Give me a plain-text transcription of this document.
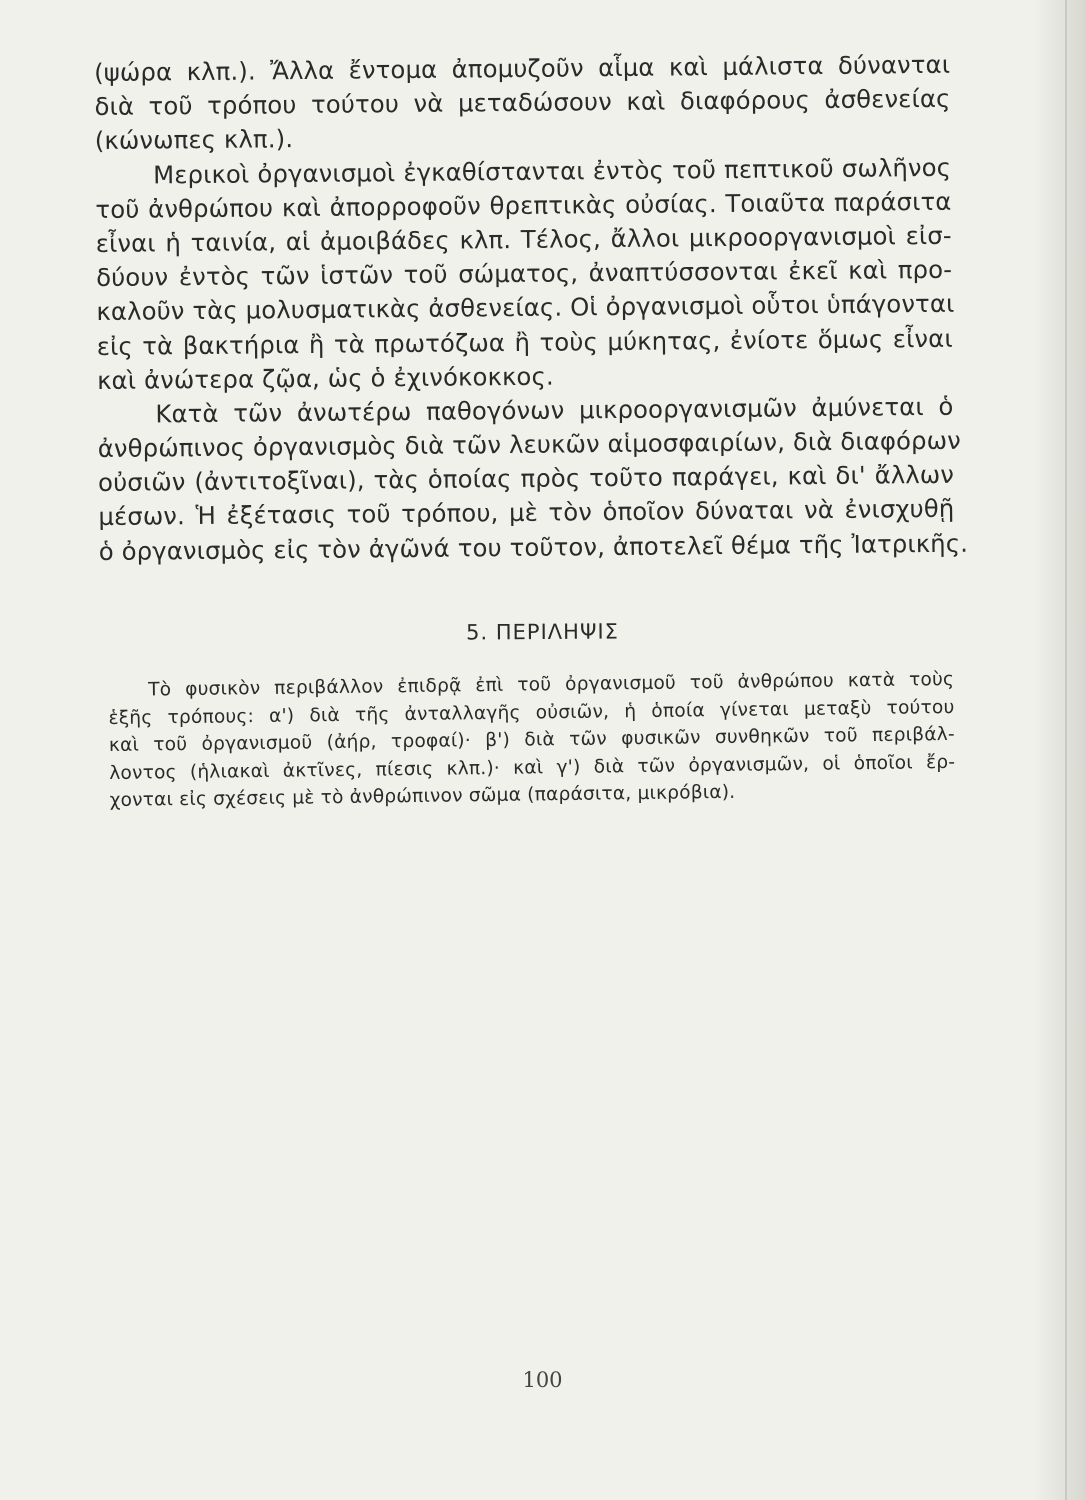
(ψώρα κλπ.). Ἄλλα ἔντομα ἀπομυζοῦν αἷμα καὶ μάλιστα δύνανται
διὰ τοῦ τρόπου τούτου νὰ μεταδώσουν καὶ διαφόρους ἀσθενείας
(κώνωπες κλπ.).
Μερικοὶ ὀργανισμοὶ ἐγκαθίστανται ἐντὸς τοῦ πεπτικοῦ σωλῆνος
τοῦ ἀνθρώπου καὶ ἀπορροφοῦν θρεπτικὰς οὐσίας. Τοιαῦτα παράσιτα
εἶναι ἡ ταινία, αἱ ἀμοιβάδες κλπ. Τέλος, ἄλλοι μικροοργανισμοὶ εἰσ-
δύουν ἐντὸς τῶν ἱστῶν τοῦ σώματος, ἀναπτύσσονται ἐκεῖ καὶ προ-
καλοῦν τὰς μολυσματικὰς ἀσθενείας. Οἱ ὀργανισμοὶ οὗτοι ὑπάγονται
εἰς τὰ βακτήρια ἢ τὰ πρωτόζωα ἢ τοὺς μύκητας, ἐνίοτε ὅμως εἶναι
καὶ ἀνώτερα ζῷα, ὡς ὁ ἐχινόκοκκος.
Κατὰ τῶν ἀνωτέρω παθογόνων μικροοργανισμῶν ἀμύνεται ὁ
ἀνθρώπινος ὀργανισμὸς διὰ τῶν λευκῶν αἱμοσφαιρίων, διὰ διαφόρων
οὐσιῶν (ἀντιτοξῖναι), τὰς ὁποίας πρὸς τοῦτο παράγει, καὶ δι' ἄλλων
μέσων. Ἡ ἐξέτασις τοῦ τρόπου, μὲ τὸν ὁποῖον δύναται νὰ ἐνισχυθῇ
ὁ ὀργανισμὸς εἰς τὸν ἀγῶνά του τοῦτον, ἀποτελεῖ θέμα τῆς Ἰατρικῆς.
5. ΠΕΡΙΛΗΨΙΣ
Τὸ φυσικὸν περιβάλλον ἐπιδρᾷ ἐπὶ τοῦ ὀργανισμοῦ τοῦ ἀνθρώπου κατὰ τοὺς
ἑξῆς τρόπους: α') διὰ τῆς ἀνταλλαγῆς οὐσιῶν, ἡ ὁποία γίνεται μεταξὺ τούτου
καὶ τοῦ ὀργανισμοῦ (ἀήρ, τροφαί)· β') διὰ τῶν φυσικῶν συνθηκῶν τοῦ περιβάλ-
λοντος (ἡλιακαὶ ἀκτῖνες, πίεσις κλπ.)· καὶ γ') διὰ τῶν ὀργανισμῶν, οἱ ὁποῖοι ἔρ-
χονται εἰς σχέσεις μὲ τὸ ἀνθρώπινον σῶμα (παράσιτα, μικρόβια).
100
